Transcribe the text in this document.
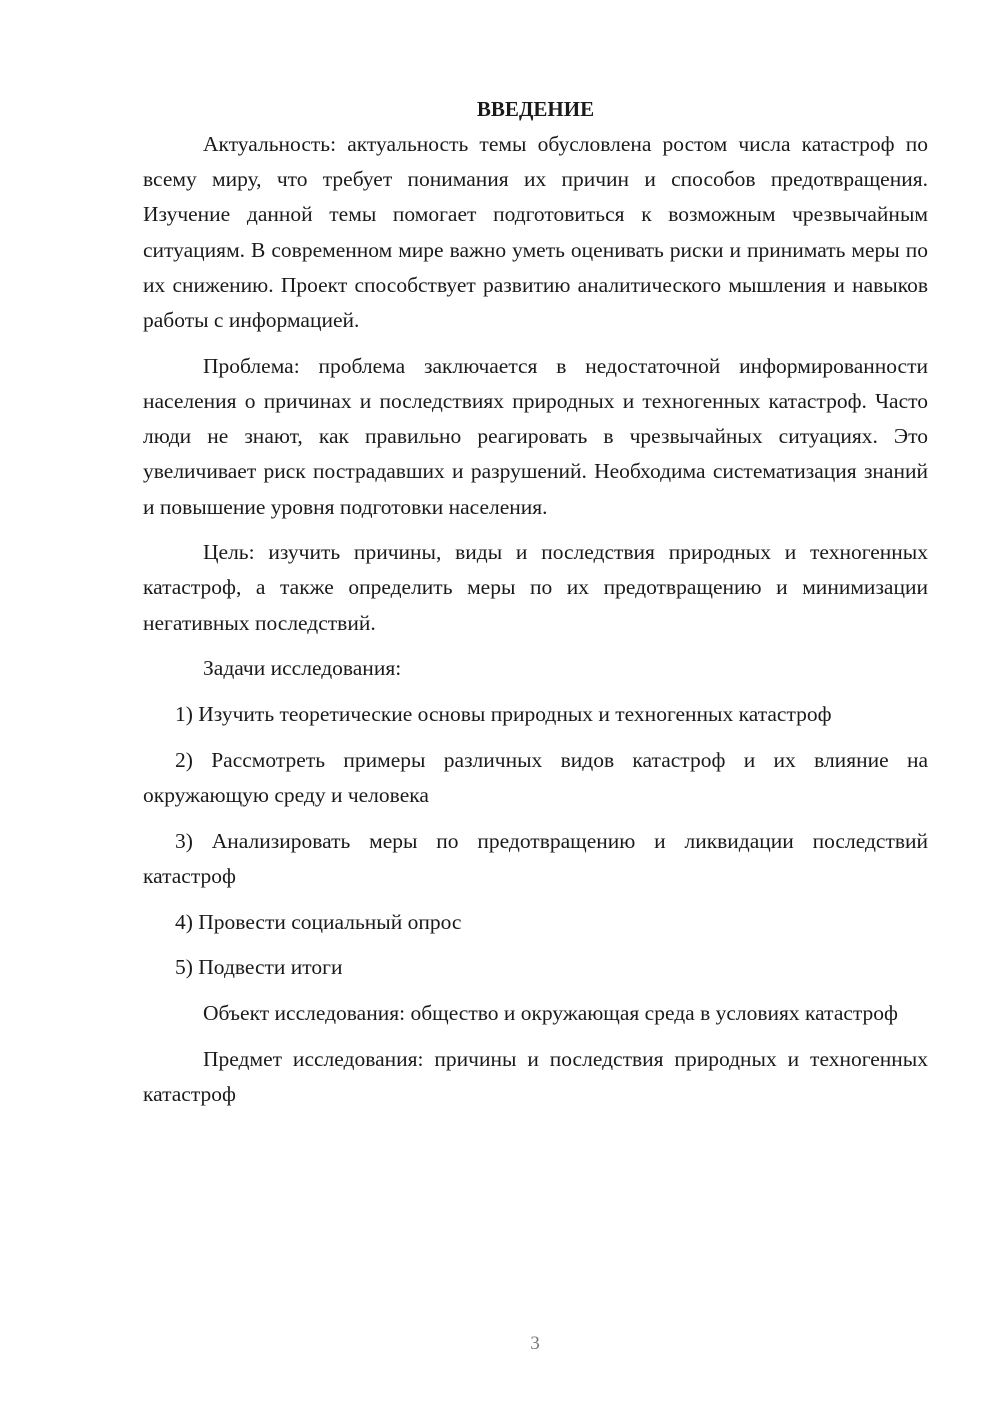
ВВЕДЕНИЕ

Актуальность: актуальность темы обусловлена ростом числа катастроф по всему миру, что требует понимания их причин и способов предотвращения. Изучение данной темы помогает подготовиться к возможным чрезвычайным ситуациям. В современном мире важно уметь оценивать риски и принимать меры по их снижению. Проект способствует развитию аналитического мышления и навыков работы с информацией.

Проблема: проблема заключается в недостаточной информированности населения о причинах и последствиях природных и техногенных катастроф. Часто люди не знают, как правильно реагировать в чрезвычайных ситуациях. Это увеличивает риск пострадавших и разрушений. Необходима систематизация знаний и повышение уровня подготовки населения.

Цель: изучить причины, виды и последствия природных и техногенных катастроф, а также определить меры по их предотвращению и минимизации негативных последствий.

Задачи исследования:

1) Изучить теоретические основы природных и техногенных катастроф

2) Рассмотреть примеры различных видов катастроф и их влияние на окружающую среду и человека

3) Анализировать меры по предотвращению и ликвидации последствий катастроф

4) Провести социальный опрос

5) Подвести итоги

Объект исследования: общество и окружающая среда в условиях катастроф

Предмет исследования: причины и последствия природных и техногенных катастроф

3
